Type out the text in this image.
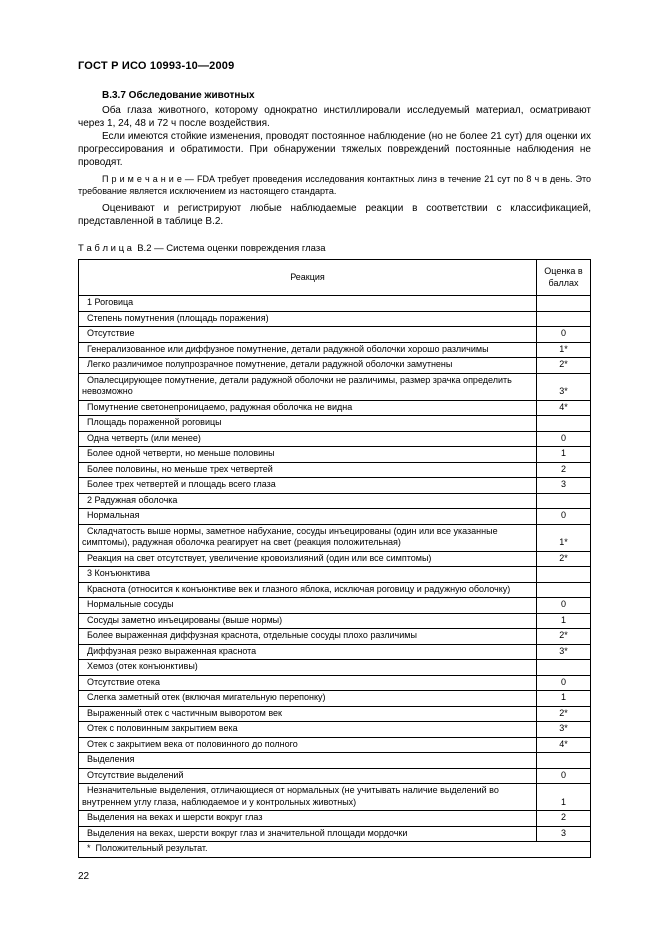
ГОСТ Р ИСО 10993-10—2009
В.3.7 Обследование животных

Оба глаза животного, которому однократно инстиллировали исследуемый материал, осматривают через 1, 24, 48 и 72 ч после воздействия.

Если имеются стойкие изменения, проводят постоянное наблюдение (но не более 21 сут) для оценки их прогрессирования и обратимости. При обнаружении тяжелых повреждений постоянные наблюдения не проводят.

П р и м е ч а н и е — FDA требует проведения исследования контактных линз в течение 21 сут по 8 ч в день. Это требование является исключением из настоящего стандарта.

Оценивают и регистрируют любые наблюдаемые реакции в соответствии с классификацией, представленной в таблице В.2.

Т а б л и ц а  В.2 — Система оценки повреждения глаза
Реакция	Оценка в баллах
1 Роговица	
Степень помутнения (площадь поражения)	
Отсутствие	0
Генерализованное или диффузное помутнение, детали радужной оболочки хорошо различимы	1*
Легко различимое полупрозрачное помутнение, детали радужной оболочки замутнены	2*
Опалесцирующее помутнение, детали радужной оболочки не различимы, размер зрачка определить невозможно	3*
Помутнение светонепроницаемо, радужная оболочка не видна	4*
Площадь пораженной роговицы	
Одна четверть (или менее)	0
Более одной четверти, но меньше половины	1
Более половины, но меньше трех четвертей	2
Более трех четвертей и площадь всего глаза	3
2 Радужная оболочка	
Нормальная	0
Складчатость выше нормы, заметное набухание, сосуды инъецированы (один или все указанные симптомы), радужная оболочка реагирует на свет (реакция положительная)	1*
Реакция на свет отсутствует, увеличение кровоизлияний (один или все симптомы)	2*
3 Конъюнктива	
Краснота (относится к конъюнктиве век и глазного яблока, исключая роговицу и радужную оболочку)	
Нормальные сосуды	0
Сосуды заметно инъецированы (выше нормы)	1
Более выраженная диффузная краснота, отдельные сосуды плохо различимы	2*
Диффузная резко выраженная краснота	3*
Хемоз (отек конъюнктивы)	
Отсутствие отека	0
Слегка заметный отек (включая мигательную перепонку)	1
Выраженный отек с частичным выворотом век	2*
Отек с половинным закрытием века	3*
Отек с закрытием века от половинного до полного	4*
Выделения	
Отсутствие выделений	0
Незначительные выделения, отличающиеся от нормальных (не учитывать наличие выделений во внутреннем углу глаза, наблюдаемое и у контрольных животных)	1
Выделения на веках и шерсти вокруг глаз	2
Выделения на веках, шерсти вокруг глаз и значительной площади мордочки	3
*  Положительный результат.	
22
